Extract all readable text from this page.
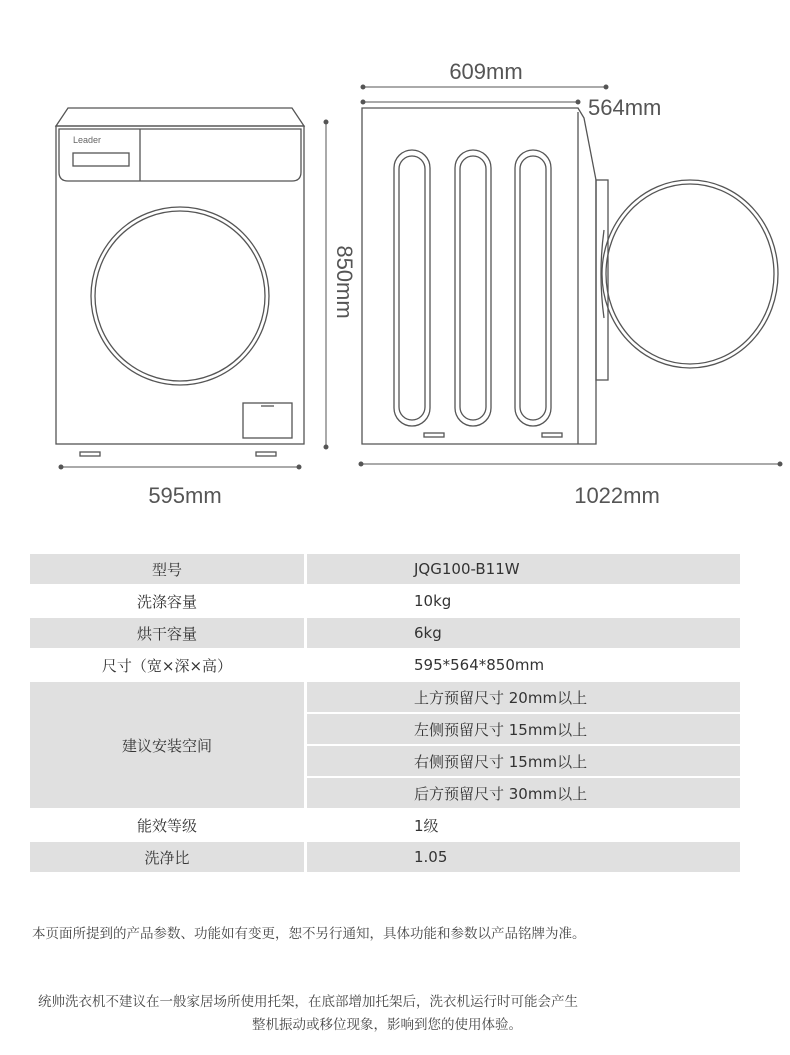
Leader
595mm
850mm
609mm
564mm
1022mm
型号		JQG100-B11W
洗涤容量		10kg
烘干容量		6kg
尺寸（宽×深×高）		595*564*850mm
建议安装空间		上方预留尺寸 20mm以上
		左侧预留尺寸 15mm以上
		右侧预留尺寸 15mm以上
		后方预留尺寸 30mm以上
能效等级		1级
洗净比		1.05
本页面所提到的产品参数、功能如有变更，恕不另行通知，具体功能和参数以产品铭牌为准。
统帅洗衣机不建议在一般家居场所使用托架，在底部增加托架后，洗衣机运行时可能会产生
整机振动或移位现象，影响到您的使用体验。
